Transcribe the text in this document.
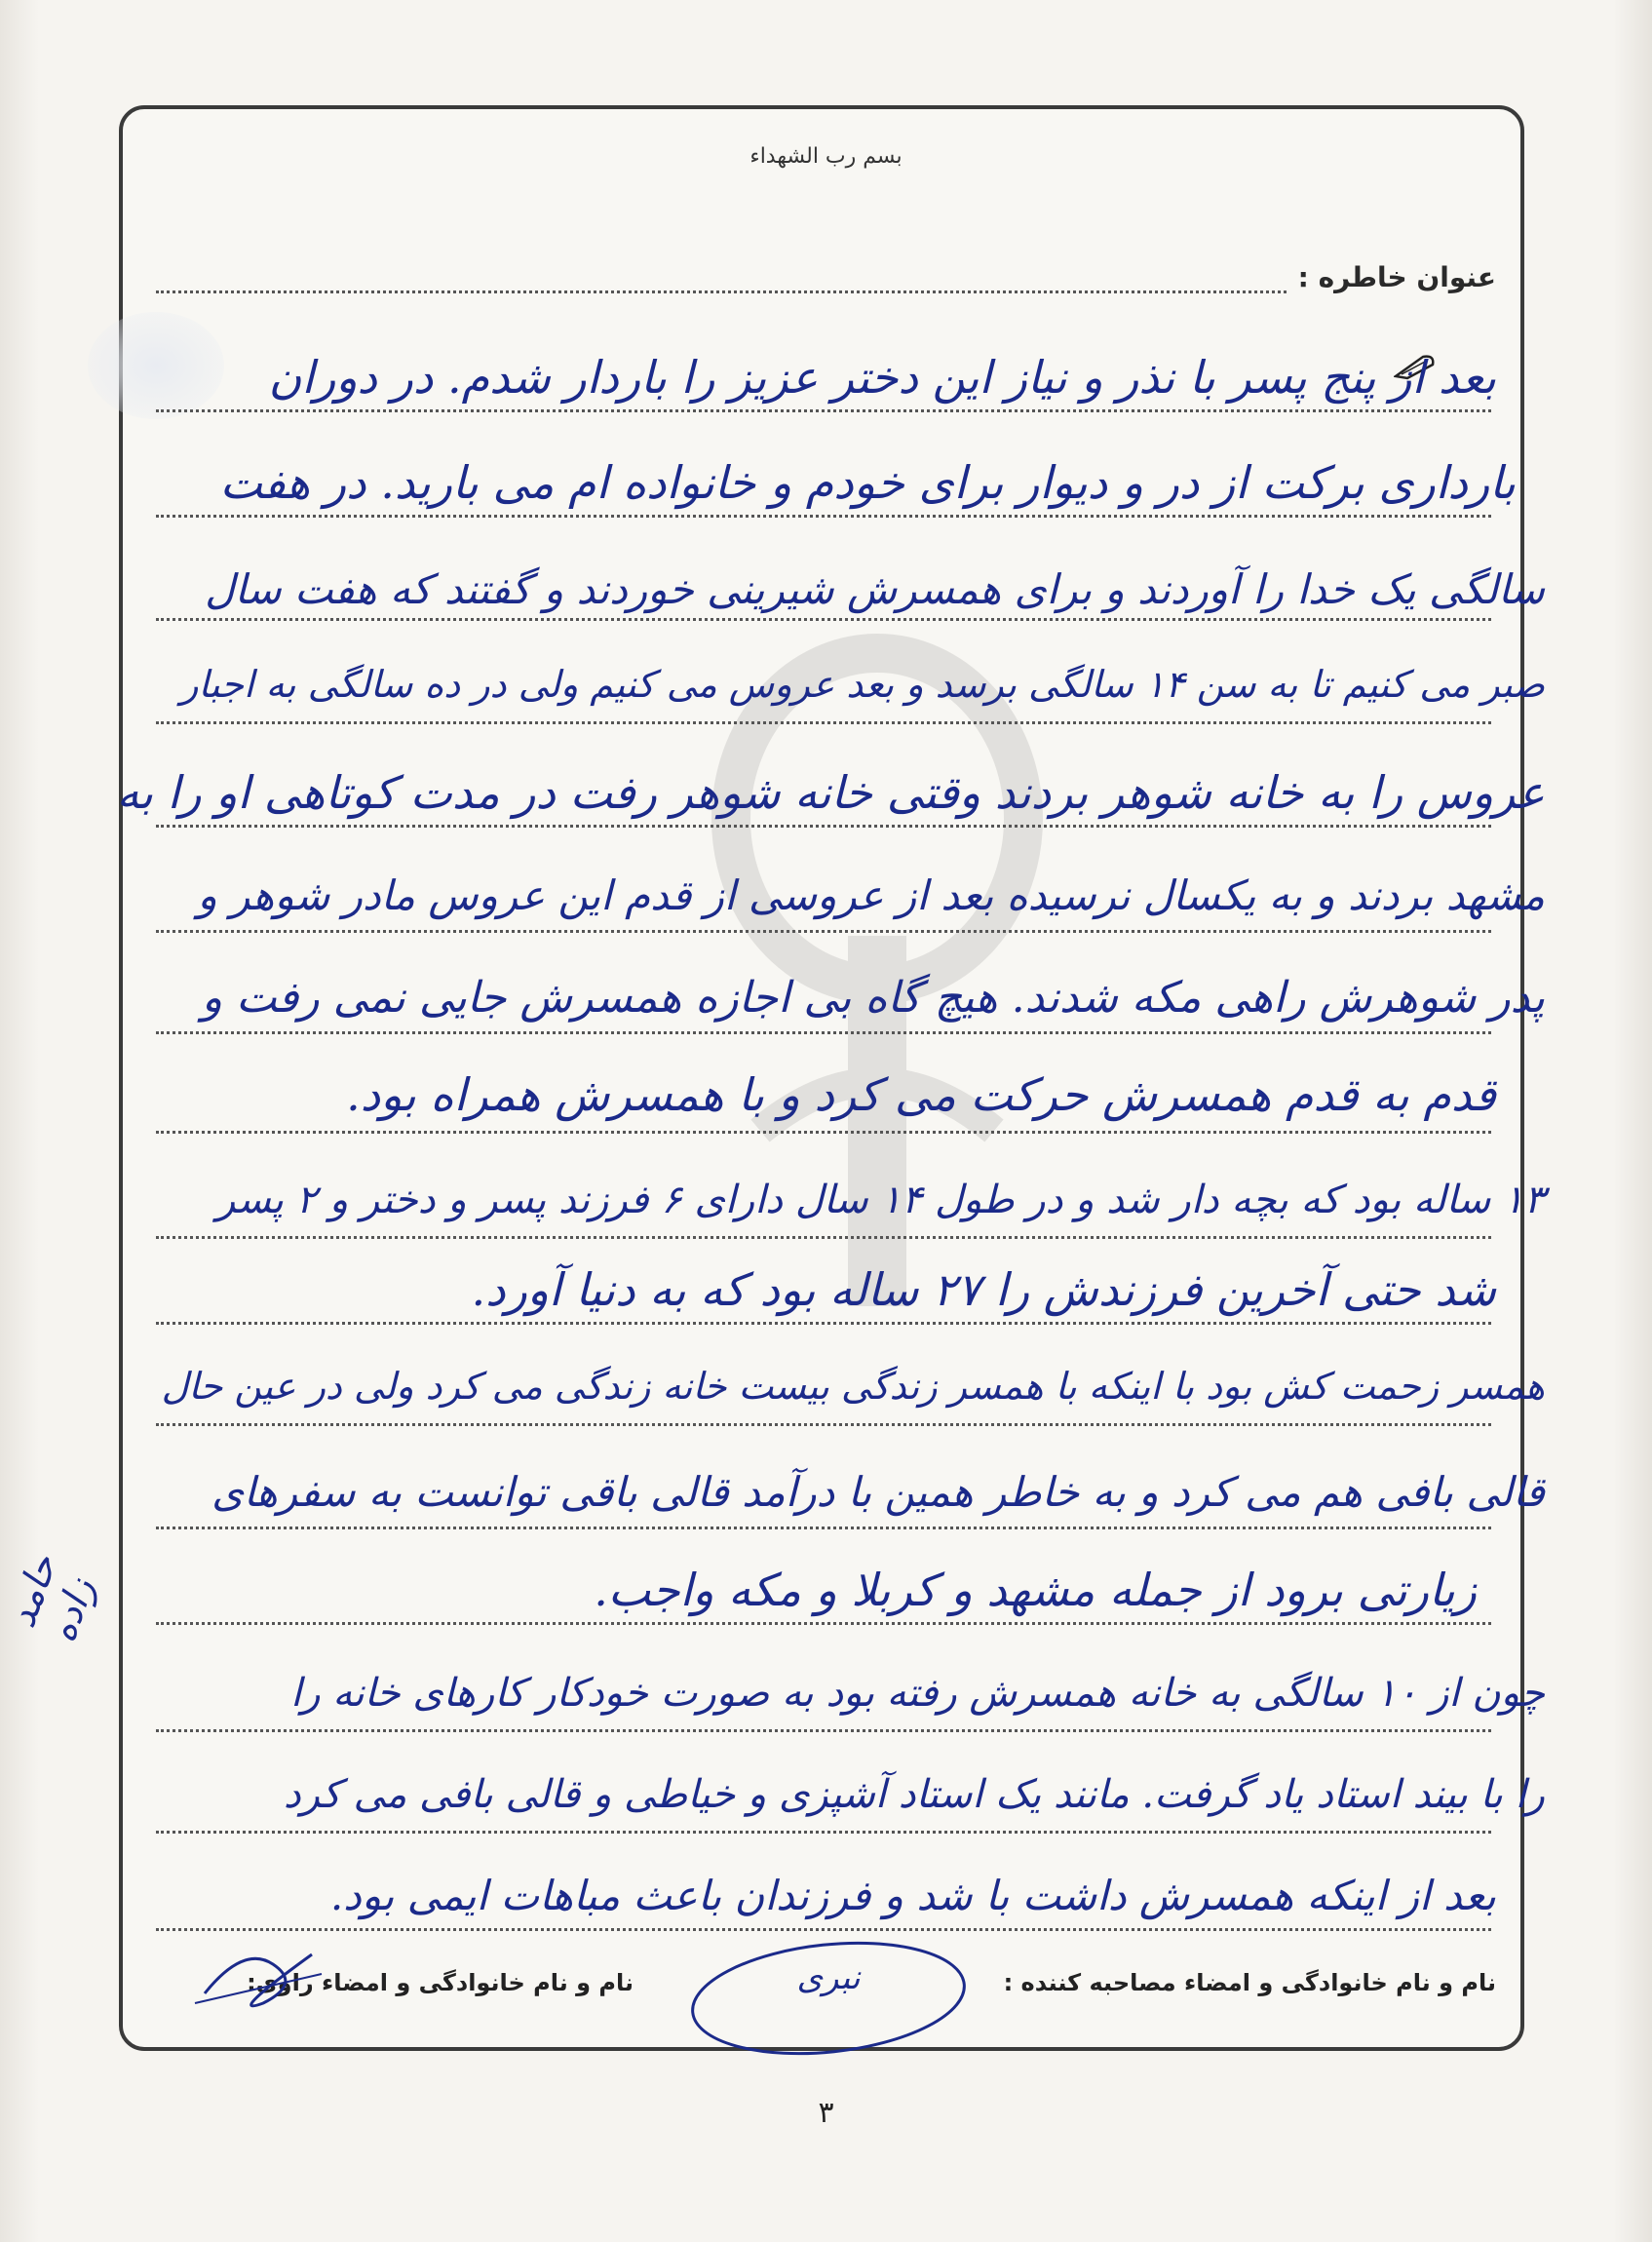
بسم رب الشهداء
عنوان خاطره :
بعد از پنج پسر با نذر و نیاز این دختر عزیز را باردار شدم. در دوران
بارداری برکت از در و دیوار برای خودم و خانواده ام می بارید. در هفت
سالگی یک خدا را آوردند و برای همسرش شیرینی خوردند و گفتند که هفت سال
صبر می کنیم تا به سن ۱۴ سالگی برسد و بعد عروس می کنیم ولی در ده سالگی به اجبار
عروس را به خانه شوهر بردند وقتی خانه شوهر رفت در مدت کوتاهی او را به
مشهد بردند و به یکسال نرسیده بعد از عروسی از قدم این عروس مادر شوهر و
پدر شوهرش راهی مکه شدند. هیچ گاه بی اجازه همسرش جایی نمی رفت و
قدم به قدم همسرش حرکت می کرد و با همسرش همراه بود.
۱۳ ساله بود که بچه دار شد و در طول ۱۴ سال دارای ۶ فرزند پسر و دختر و ۲ پسر
شد حتی آخرین فرزندش را ۲۷ ساله بود که به دنیا آورد.
همسر زحمت کش بود با اینکه با همسر زندگی بیست خانه زندگی می کرد ولی در عین حال
قالی بافی هم می کرد و به خاطر همین با درآمد قالی باقی توانست به سفرهای
زیارتی برود از جمله مشهد و کربلا و مکه واجب.
چون از ۱۰ سالگی به خانه همسرش رفته بود به صورت خودکار کارهای خانه را
را با بیند استاد یاد گرفت. مانند یک استاد آشپزی و خیاطی و قالی بافی می کرد
بعد از اینکه همسرش داشت با شد و فرزندان باعث مباهات ایمی بود.
حامد زاده
نام و نام خانوادگی و امضاء مصاحبه کننده :
نبری
نام و نام خانوادگی و امضاء راوی:
۳
